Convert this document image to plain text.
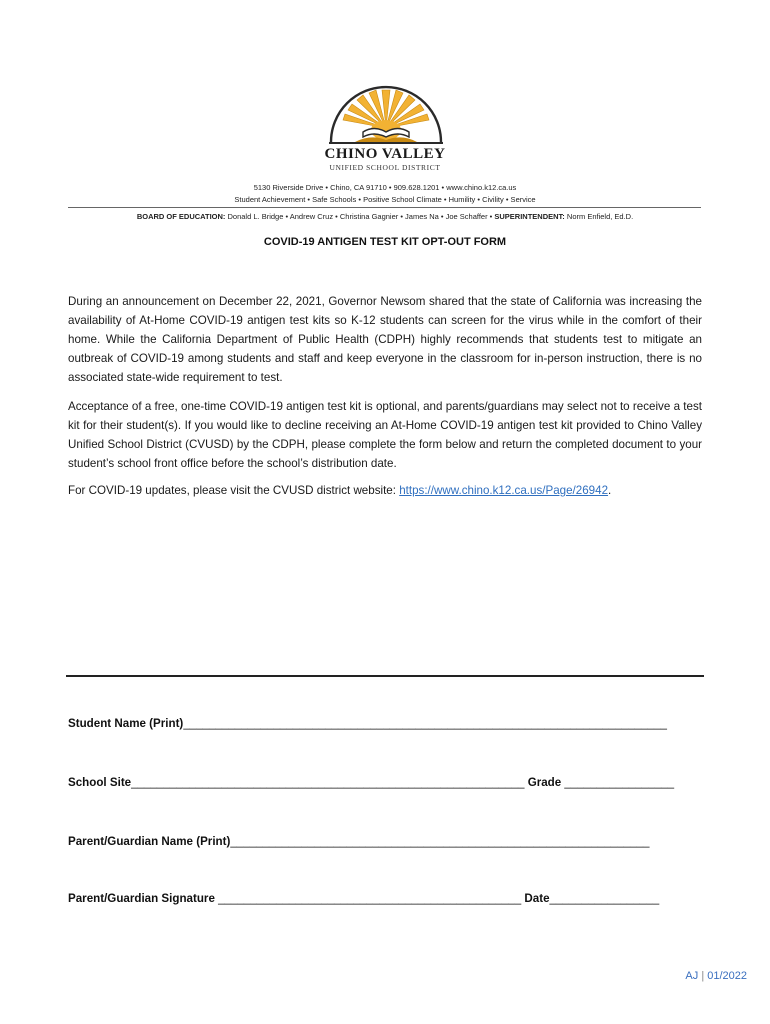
CHINO VALLEY
UNIFIED SCHOOL DISTRICT
5130 Riverside Drive • Chino, CA 91710 • 909.628.1201 • www.chino.k12.ca.us
Student Achievement • Safe Schools • Positive School Climate • Humility • Civility • Service
BOARD OF EDUCATION: Donald L. Bridge • Andrew Cruz • Christina Gagnier • James Na • Joe Schaffer • SUPERINTENDENT: Norm Enfield, Ed.D.
COVID-19 ANTIGEN TEST KIT OPT-OUT FORM

During an announcement on December 22, 2021, Governor Newsom shared that the state of California was increasing the availability of At-Home COVID-19 antigen test kits so K-12 students can screen for the virus while in the comfort of their home. While the California Department of Public Health (CDPH) highly recommends that students test to mitigate an outbreak of COVID-19 among students and staff and keep everyone in the classroom for in-person instruction, there is no associated state-wide requirement to test.

Acceptance of a free, one-time COVID-19 antigen test kit is optional, and parents/guardians may select not to receive a test kit for their student(s). If you would like to decline receiving an At-Home COVID-19 antigen test kit provided to Chino Valley Unified School District (CVUSD) by the CDPH, please complete the form below and return the completed document to your student’s school front office before the school’s distribution date.

For COVID-19 updates, please visit the CVUSD district website: https://www.chino.k12.ca.us/Page/26942.

Student Name (Print)___________________________________________________________________________
School Site_____________________________________________________________ Grade _________________
Parent/Guardian Name (Print)_________________________________________________________________
Parent/Guardian Signature _______________________________________________ Date_________________
AJ | 01/2022
